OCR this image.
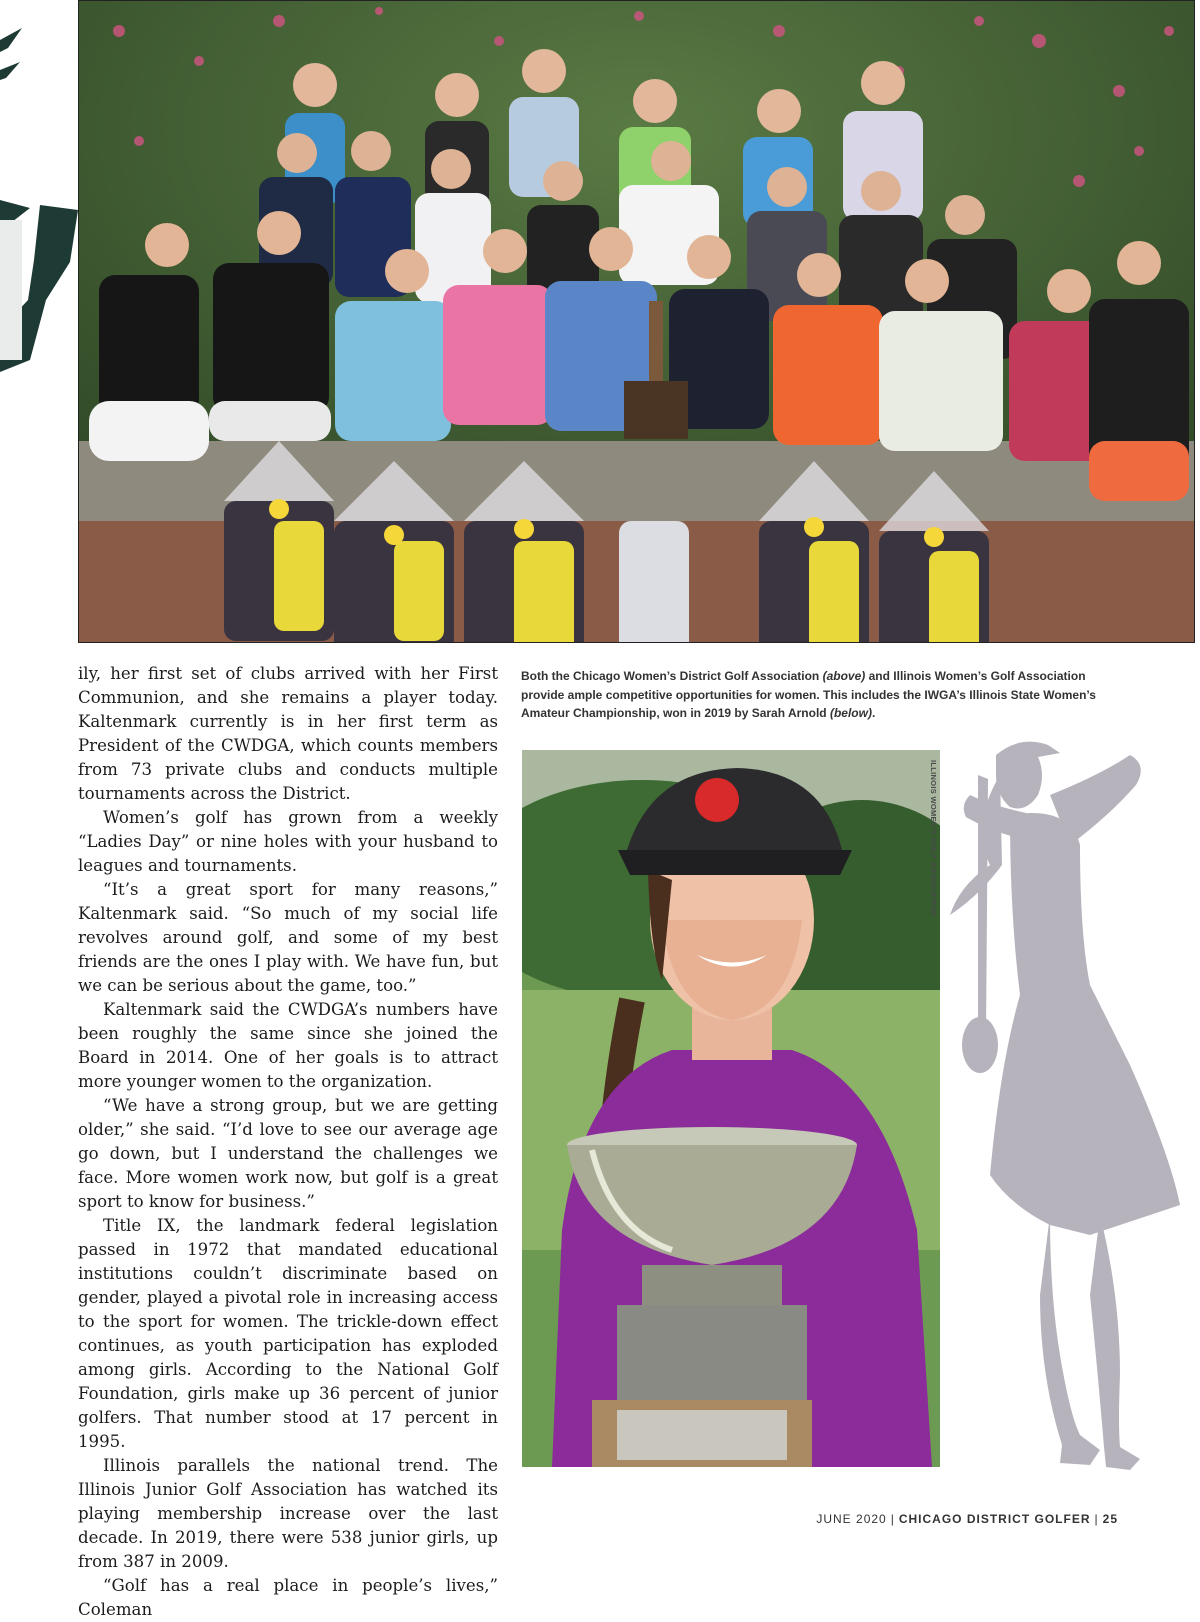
ily, her first set of clubs arrived with her First Communion, and she remains a player today. Kaltenmark currently is in her first term as President of the CWDGA, which counts members from 73 private clubs and conducts multiple tournaments across the District.

Women’s golf has grown from a weekly “Ladies Day” or nine holes with your husband to leagues and tournaments.

“It’s a great sport for many reasons,” Kaltenmark said. “So much of my social life revolves around golf, and some of my best friends are the ones I play with. We have fun, but we can be serious about the game, too.”

Kaltenmark said the CWDGA’s numbers have been roughly the same since she joined the Board in 2014. One of her goals is to attract more younger women to the organization.

“We have a strong group, but we are getting older,” she said. “I’d love to see our average age go down, but I understand the challenges we face. More women work now, but golf is a great sport to know for business.”

Title IX, the landmark federal legislation passed in 1972 that mandated educational institutions couldn’t discriminate based on gender, played a pivotal role in increasing access to the sport for women. The trickle-down effect continues, as youth participation has exploded among girls. According to the National Golf Foundation, girls make up 36 percent of junior golfers. That number stood at 17 percent in 1995.

Illinois parallels the national trend. The Illinois Junior Golf Association has watched its playing membership increase over the last decade. In 2019, there were 538 junior girls, up from 387 in 2009.

“Golf has a real place in people’s lives,” Coleman

Both the Chicago Women’s District Golf Association (above) and Illinois Women’s Golf Association provide ample competitive opportunities for women. This includes the IWGA’s Illinois State Women’s Amateur Championship, won in 2019 by Sarah Arnold (below).
ILLINOIS WOMEN’S GOLF ASSOCIATION
JUNE 2020 | CHICAGO DISTRICT GOLFER | 25
